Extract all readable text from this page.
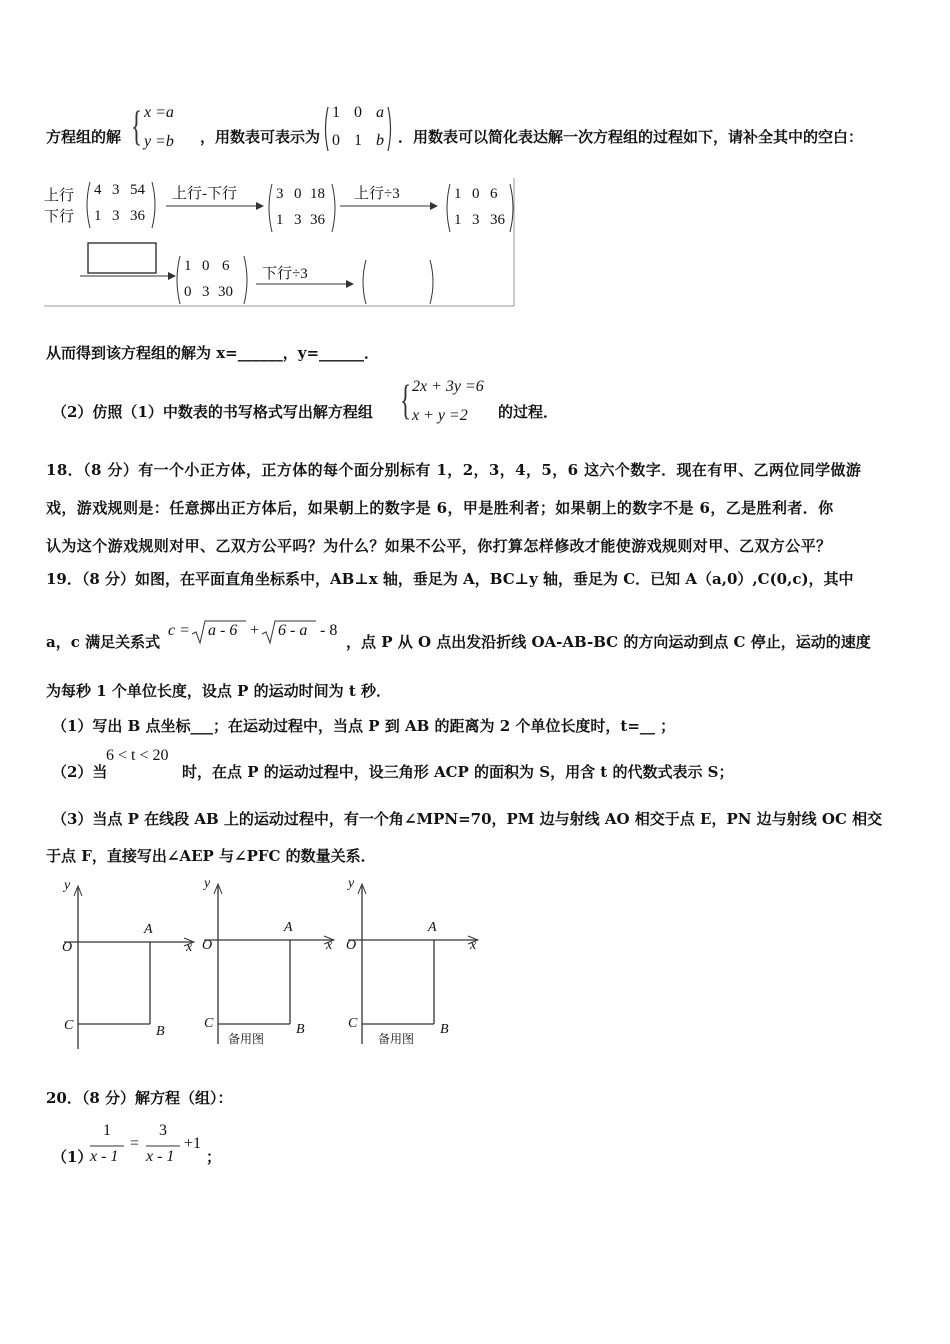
方程组的解 { x =a
y =b ，用数表可表示为
1 0 a
0 1 b ．用数表可以简化表达解一次方程组的过程如下，请补全其中的空白：
上行
下行
4 3 54
1 3 36
上行-下行	3 0 18
1 3 36
上行÷3	1 0 6
1 3 36
1 0 6
0 3 30
下行÷3
从而得到该方程组的解为 x=______，y=______．
（2）仿照（1）中数表的书写格式写出解方程组 { 2x + 3y =6
x + y =2 的过程．
18．（8 分）有一个小正方体，正方体的每个面分别标有 1，2，3，4，5，6 这六个数字．现在有甲、乙两位同学做游
戏，游戏规则是：任意掷出正方体后，如果朝上的数字是 6，甲是胜利者；如果朝上的数字不是 6，乙是胜利者．你
认为这个游戏规则对甲、乙双方公平吗？为什么？如果不公平，你打算怎样修改才能使游戏规则对甲、乙双方公平？
19．（8 分）如图，在平面直角坐标系中，AB⊥x 轴，垂足为 A，BC⊥y 轴，垂足为 C．已知 A（a,0）,C(0,c)，其中
a，c 满足关系式
c = a - 6 + 6 - a - 8
，点 P 从 O 点出发沿折线 OA-AB-BC 的方向运动到点 C 停止，运动的速度
为每秒 1 个单位长度，设点 P 的运动时间为 t 秒．
（1）写出 B 点坐标___；在运动过程中，当点 P 到 AB 的距离为 2 个单位长度时，t=__ ；
（2）当
6 < t < 20
时，在点 P 的运动过程中，设三角形 ACP 的面积为 S，用含 t 的代数式表示 S；
（3）当点 P 在线段 AB 上的运动过程中，有一个角∠MPN=70，PM 边与射线 AO 相交于点 E，PN 边与射线 OC 相交
于点 F，直接写出∠AEP 与∠PFC 的数量关系．
y
x
O
A
C	B
y
x
O
A
C	B
备用图
y
x
O
A
C	B
备用图
20．（8 分）解方程（组）：
（1）
1
x - 1
=
3
x - 1
+1
；
